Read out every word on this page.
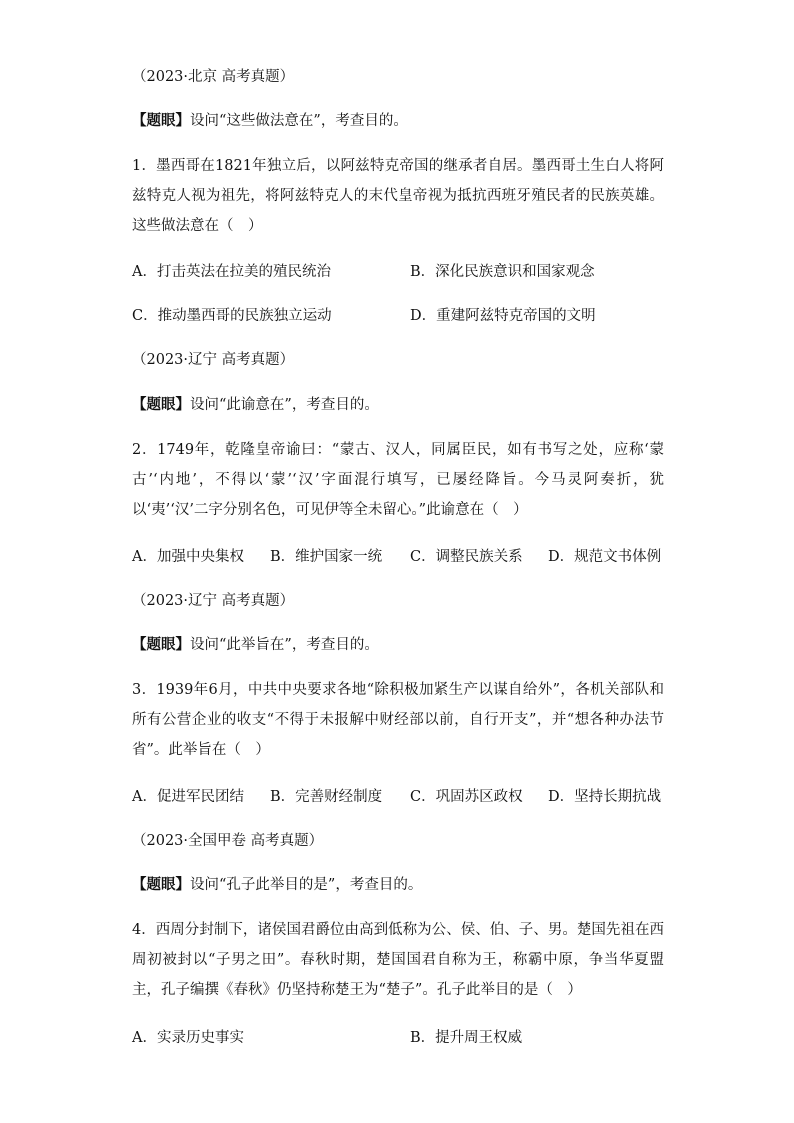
（2023·北京 高考真题）
【题眼】设问“这些做法意在”，考查目的。
1．墨西哥在1821年独立后，以阿兹特克帝国的继承者自居。墨西哥土生白人将阿兹特克人视为祖先，将阿兹特克人的末代皇帝视为抵抗西班牙殖民者的民族英雄。这些做法意在（　）
A．打击英法在拉美的殖民统治	B．深化民族意识和国家观念
C．推动墨西哥的民族独立运动	D．重建阿兹特克帝国的文明
（2023·辽宁 高考真题）
【题眼】设问“此谕意在”，考查目的。
2．1749年，乾隆皇帝谕曰：“蒙古、汉人，同属臣民，如有书写之处，应称‘蒙古’‘内地’，不得以‘蒙’‘汉’字面混行填写，已屡经降旨。今马灵阿奏折，犹以‘夷’‘汉’二字分别名色，可见伊等全未留心。”此谕意在（　）
A．加强中央集权 B．维护国家一统 C．调整民族关系 D．规范文书体例
（2023·辽宁 高考真题）
【题眼】设问“此举旨在”，考查目的。
3．1939年6月，中共中央要求各地“除积极加紧生产以谋自给外”，各机关部队和所有公营企业的收支“不得于未报解中财经部以前，自行开支”，并“想各种办法节省”。此举旨在（　）
A．促进军民团结 B．完善财经制度 C．巩固苏区政权 D．坚持长期抗战
（2023·全国甲卷 高考真题）
【题眼】设问“孔子此举目的是”，考查目的。
4．西周分封制下，诸侯国君爵位由高到低称为公、侯、伯、子、男。楚国先祖在西周初被封以“子男之田”。春秋时期，楚国国君自称为王，称霸中原，争当华夏盟主，孔子编撰《春秋》仍坚持称楚王为“楚子”。孔子此举目的是（　）
A．实录历史事实	B．提升周王权威
